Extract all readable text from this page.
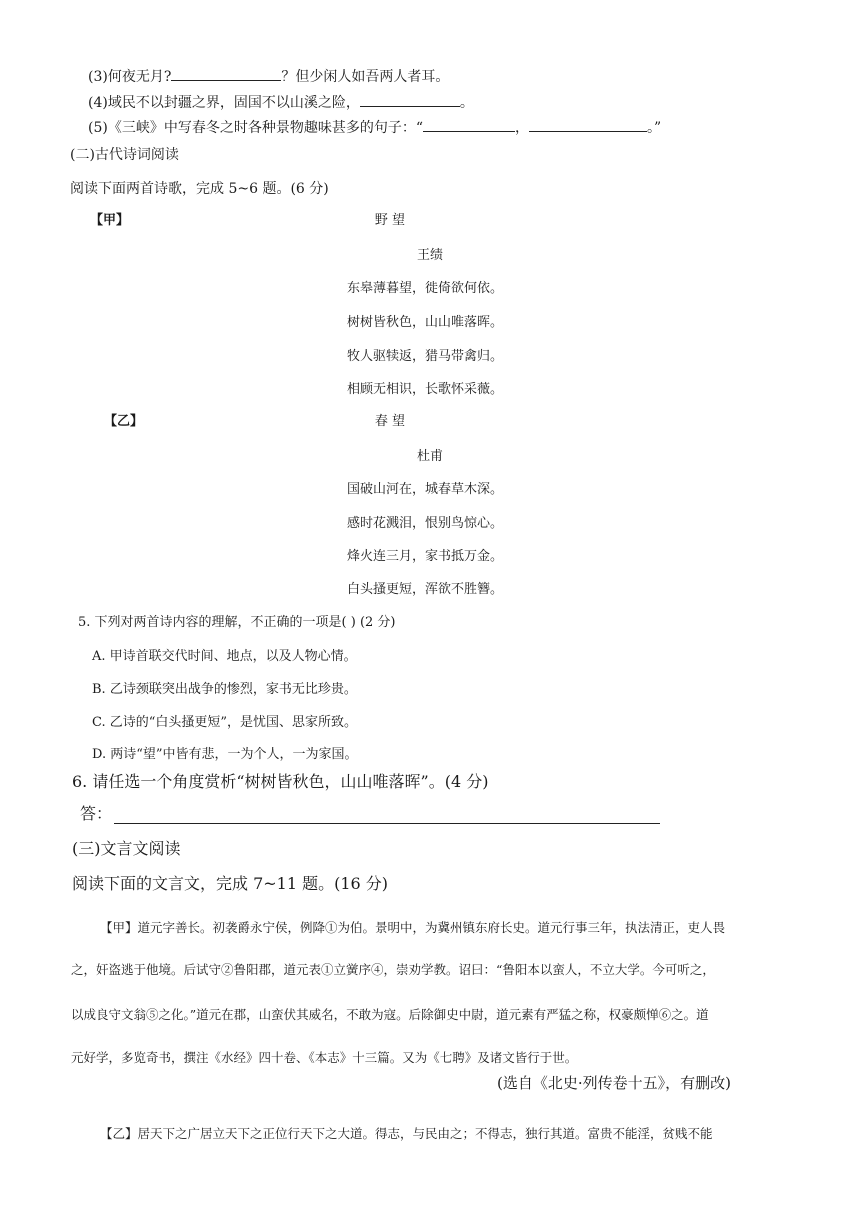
(3)何夜无月?	？但少闲人如吾两人者耳。
(4)域民不以封疆之界，固国不以山溪之险，	。
(5)《三峡》中写春冬之时各种景物趣味甚多的句子：“	，	。”
(二)古代诗词阅读
阅读下面两首诗歌，完成 5~6 题。(6 分)
【甲】	野 望
王绩
东皋薄暮望，徙倚欲何依。
树树皆秋色，山山唯落晖。
牧人驱犊返，猎马带禽归。
相顾无相识，长歌怀采薇。
【乙】	春 望
杜甫
国破山河在，城春草木深。
感时花溅泪，恨别鸟惊心。
烽火连三月，家书抵万金。
白头搔更短，浑欲不胜簪。
5. 下列对两首诗内容的理解，不正确的一项是( ) (2 分)
A. 甲诗首联交代时间、地点，以及人物心情。
B. 乙诗颈联突出战争的惨烈，家书无比珍贵。
C. 乙诗的“白头搔更短”，是忧国、思家所致。
D. 两诗“望”中皆有悲，一为个人，一为家国。
6. 请任选一个角度赏析“树树皆秋色，山山唯落晖”。(4 分)
答：
(三)文言文阅读
阅读下面的文言文，完成 7~11 题。(16 分)
【甲】道元字善长。初袭爵永宁侯，例降①为伯。景明中，为冀州镇东府长史。道元行事三年，执法清正，吏人畏
之，奸盗逃于他境。后试守②鲁阳郡，道元表①立黉序④，崇劝学教。诏曰：“鲁阳本以蛮人，不立大学。今可听之，
以成良守文翁⑤之化。”道元在郡，山蛮伏其威名，不敢为寇。后除御史中尉，道元素有严猛之称，权豪颇惮⑥之。道
元好学，多览奇书，撰注《水经》四十卷、《本志》十三篇。又为《七聘》及诸文皆行于世。
(选自《北史·列传卷十五》，有删改)
【乙】居天下之广居立天下之正位行天下之大道。得志，与民由之；不得志，独行其道。富贵不能淫，贫贱不能
